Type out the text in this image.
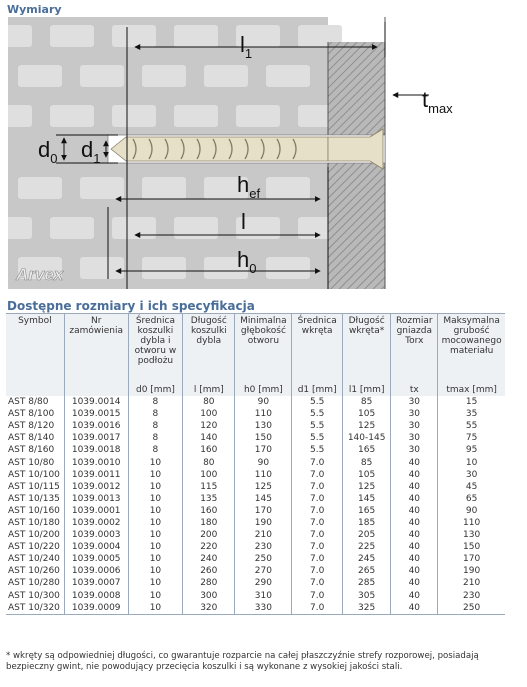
Wymiary
$l_1$
$t_{max}$
$d_0$ $d_1$
$h_{ef}$
l
$h_0$
Arvex
Dostępne rozmiary i ich specyfikacja
Symbol	Nr zamówienia	Średnica koszulki dybla i otworu w podłożu	Długość koszulki dybla	Minimalna głębokość otworu	Średnica wkręta	Długość wkręta*	Rozmiar gniazda Torx	Maksymalna grubość mocowanego materiału
		d0 [mm]	l [mm]	h0 [mm]	d1 [mm]	l1 [mm]	tx	tmax [mm]
AST 8/80	1039.0014	8	80	90	5.5	85	30	15
AST 8/100	1039.0015	8	100	110	5.5	105	30	35
AST 8/120	1039.0016	8	120	130	5.5	125	30	55
AST 8/140	1039.0017	8	140	150	5.5	140-145	30	75
AST 8/160	1039.0018	8	160	170	5.5	165	30	95
AST 10/80	1039.0010	10	80	90	7.0	85	40	10
AST 10/100	1039.0011	10	100	110	7.0	105	40	30
AST 10/115	1039.0012	10	115	125	7.0	125	40	45
AST 10/135	1039.0013	10	135	145	7.0	145	40	65
AST 10/160	1039.0001	10	160	170	7.0	165	40	90
AST 10/180	1039.0002	10	180	190	7.0	185	40	110
AST 10/200	1039.0003	10	200	210	7.0	205	40	130
AST 10/220	1039.0004	10	220	230	7.0	225	40	150
AST 10/240	1039.0005	10	240	250	7.0	245	40	170
AST 10/260	1039.0006	10	260	270	7.0	265	40	190
AST 10/280	1039.0007	10	280	290	7.0	285	40	210
AST 10/300	1039.0008	10	300	310	7.0	305	40	230
AST 10/320	1039.0009	10	320	330	7.0	325	40	250
* wkręty są odpowiedniej długości, co gwarantuje rozparcie na całej płaszczyźnie strefy rozporowej, posiadają bezpieczny gwint, nie powodujący przecięcia koszulki i są wykonane z wysokiej jakości stali.
